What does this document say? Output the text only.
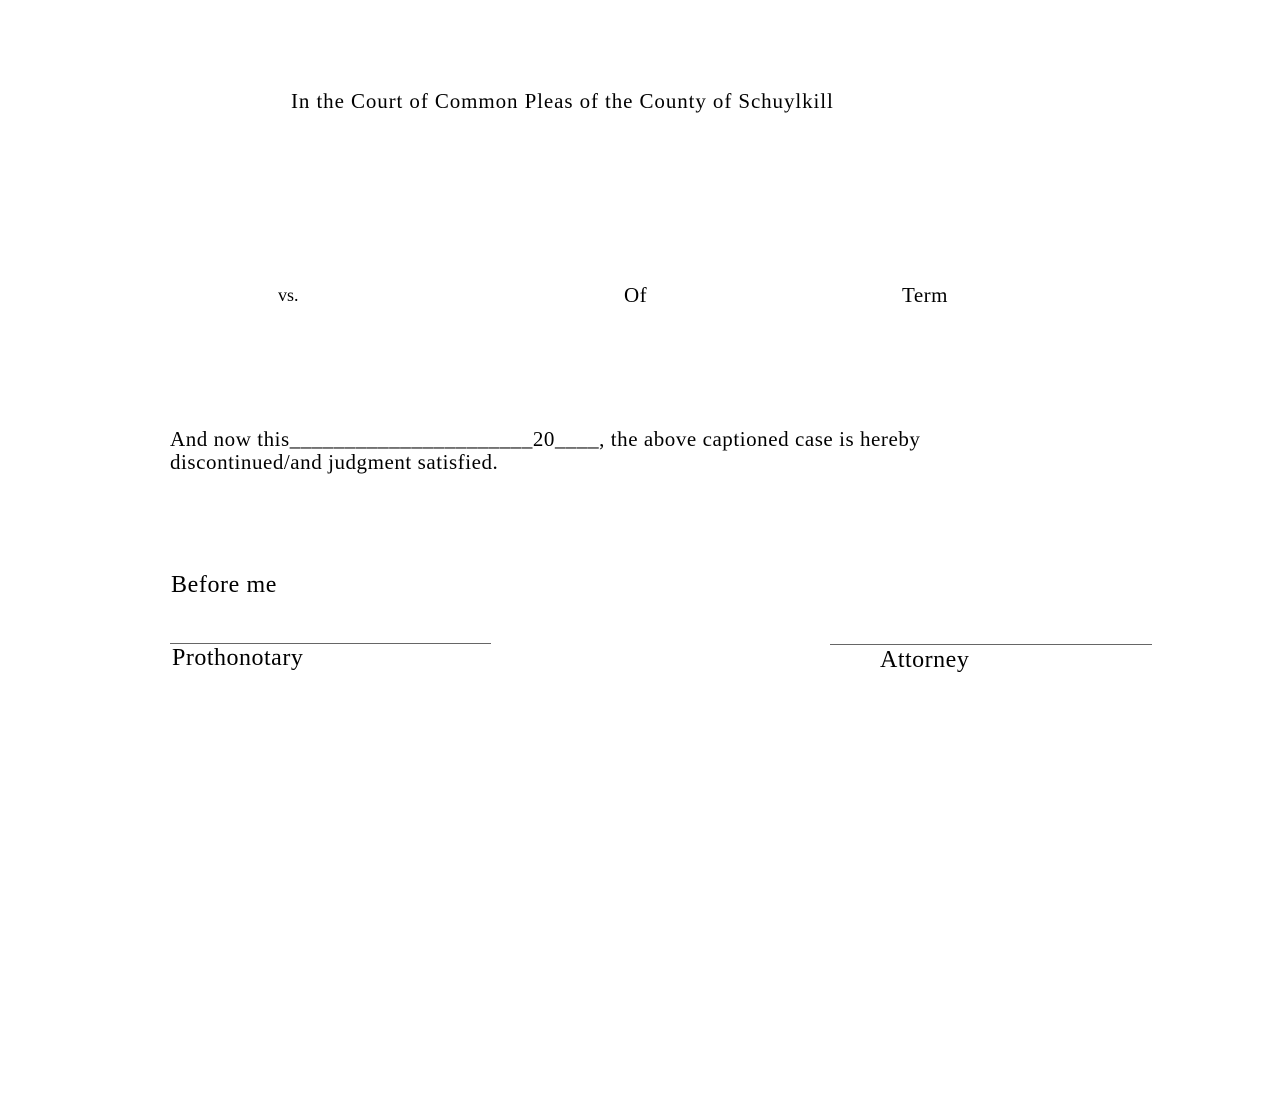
In the Court of Common Pleas of the County of Schuylkill
vs.	Of	Term
And now this______________________20____, the above captioned case is hereby
discontinued/and judgment satisfied.
Before me
Prothonotary	Attorney
